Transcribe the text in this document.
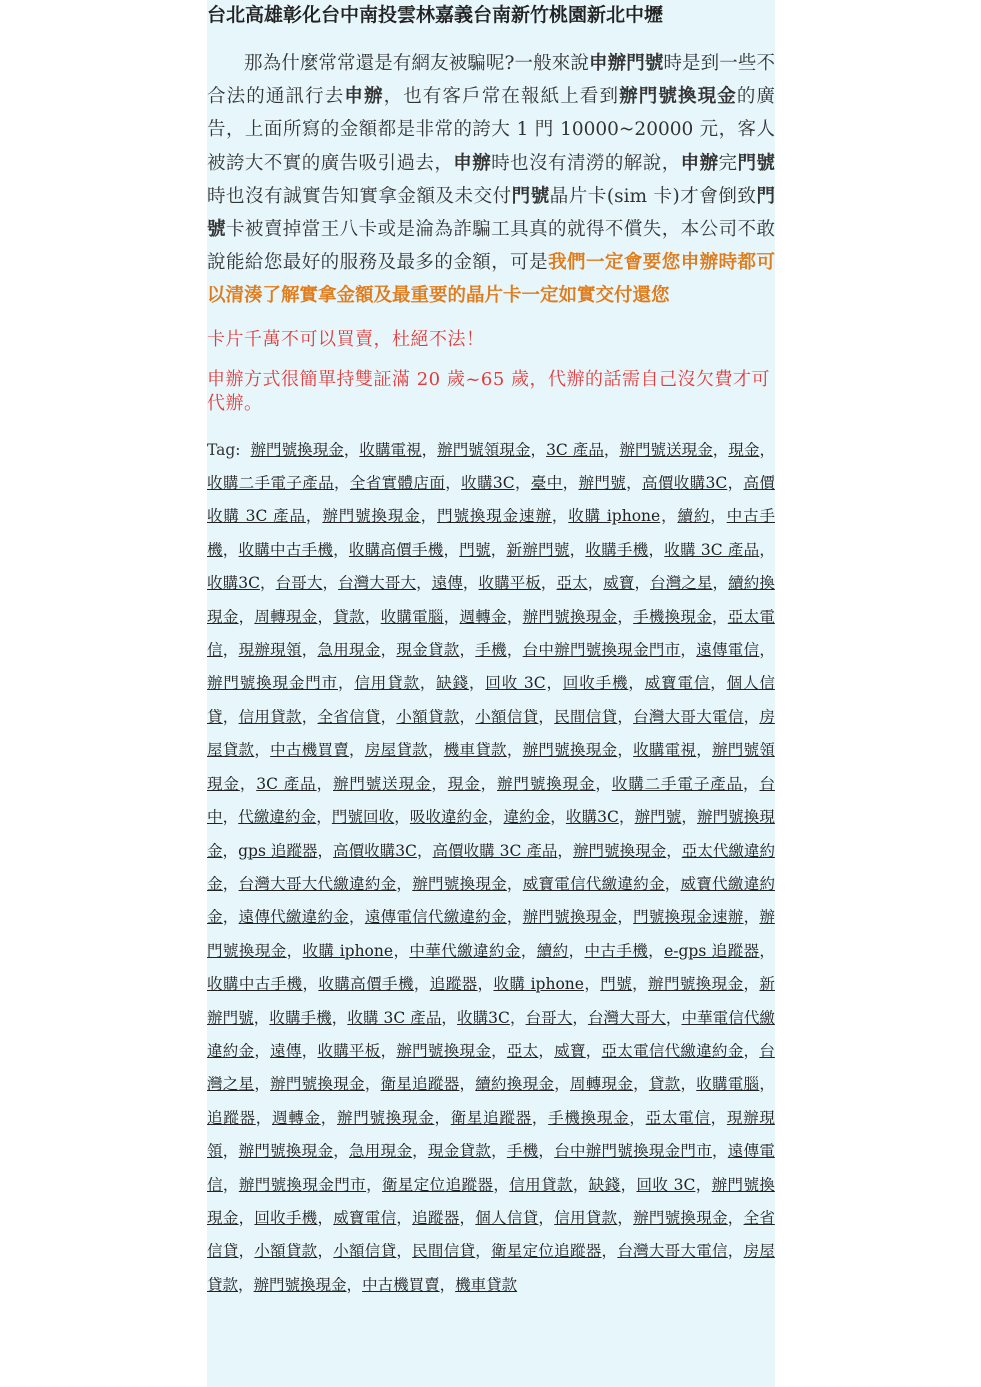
台北高雄彰化台中南投雲林嘉義台南新竹桃園新北中壢

那為什麼常常還是有網友被騙呢?一般來說申辦門號時是到一些不合法的通訊行去申辦，也有客戶常在報紙上看到辦門號換現金的廣告，上面所寫的金額都是非常的誇大 1 門 10000~20000 元，客人被誇大不實的廣告吸引過去，申辦時也沒有清澇的解說，申辦完門號時也沒有誠實告知實拿金額及未交付門號晶片卡(sim 卡)才會倒致門號卡被賣掉當王八卡或是淪為詐騙工具真的就得不償失，本公司不敢說能給您最好的服務及最多的金額，可是我們一定會要您申辦時都可以清湊了解實拿金額及最重要的晶片卡一定如實交付還您

卡片千萬不可以買賣，杜絕不法！

申辦方式很簡單持雙証滿 20 歲~65 歲，代辦的話需自己沒欠費才可代辦。

Tag: 辦門號換現金，收購電視，辦門號領現金，3C 產品，辦門號送現金，現金，收購二手電子產品，全省實體店面，收購3C，臺中，辦門號，高價收購3C，高價收購 3C 產品，辦門號換現金，門號換現金速辦，收購 iphone，續約，中古手機，收購中古手機，收購高價手機，門號，新辦門號，收購手機，收購 3C 產品，收購3C，台哥大，台灣大哥大，遠傳，收購平板，亞太，威寶，台灣之星，續約換現金，周轉現金，貸款，收購電腦，週轉金，辦門號換現金，手機換現金，亞太電信，現辦現領，急用現金，現金貸款，手機，台中辦門號換現金門市，遠傳電信，辦門號換現金門市，信用貸款，缺錢，回收 3C，回收手機，威寶電信，個人信貸，信用貸款，全省信貸，小額貸款，小額信貸，民間信貸，台灣大哥大電信，房屋貸款，中古機買賣，房屋貸款，機車貸款，辦門號換現金，收購電視，辦門號領現金，3C 產品，辦門號送現金，現金，辦門號換現金，收購二手電子產品，台中，代繳違約金，門號回收，吸收違約金，違約金，收購3C，辦門號，辦門號換現金，gps 追蹤器，高價收購3C，高價收購 3C 產品，辦門號換現金，亞太代繳違約金，台灣大哥大代繳違約金，辦門號換現金，威寶電信代繳違約金，威寶代繳違約金，遠傳代繳違約金，遠傳電信代繳違約金，辦門號換現金，門號換現金速辦，辦門號換現金，收購 iphone，中華代繳違約金，續約，中古手機，e-gps 追蹤器，收購中古手機，收購高價手機，追蹤器，收購 iphone，門號，辦門號換現金，新辦門號，收購手機，收購 3C 產品，收購3C，台哥大，台灣大哥大，中華電信代繳違約金，遠傳，收購平板，辦門號換現金，亞太，威寶，亞太電信代繳違約金，台灣之星，辦門號換現金，衛星追蹤器，續約換現金，周轉現金，貸款，收購電腦，追蹤器，週轉金，辦門號換現金，衛星追蹤器，手機換現金，亞太電信，現辦現領，辦門號換現金，急用現金，現金貸款，手機，台中辦門號換現金門市，遠傳電信，辦門號換現金門市，衛星定位追蹤器，信用貸款，缺錢，回收 3C，辦門號換現金，回收手機，威寶電信，追蹤器，個人信貸，信用貸款，辦門號換現金，全省信貸，小額貸款，小額信貸，民間信貸，衛星定位追蹤器，台灣大哥大電信，房屋貸款，辦門號換現金，中古機買賣，機車貸款
